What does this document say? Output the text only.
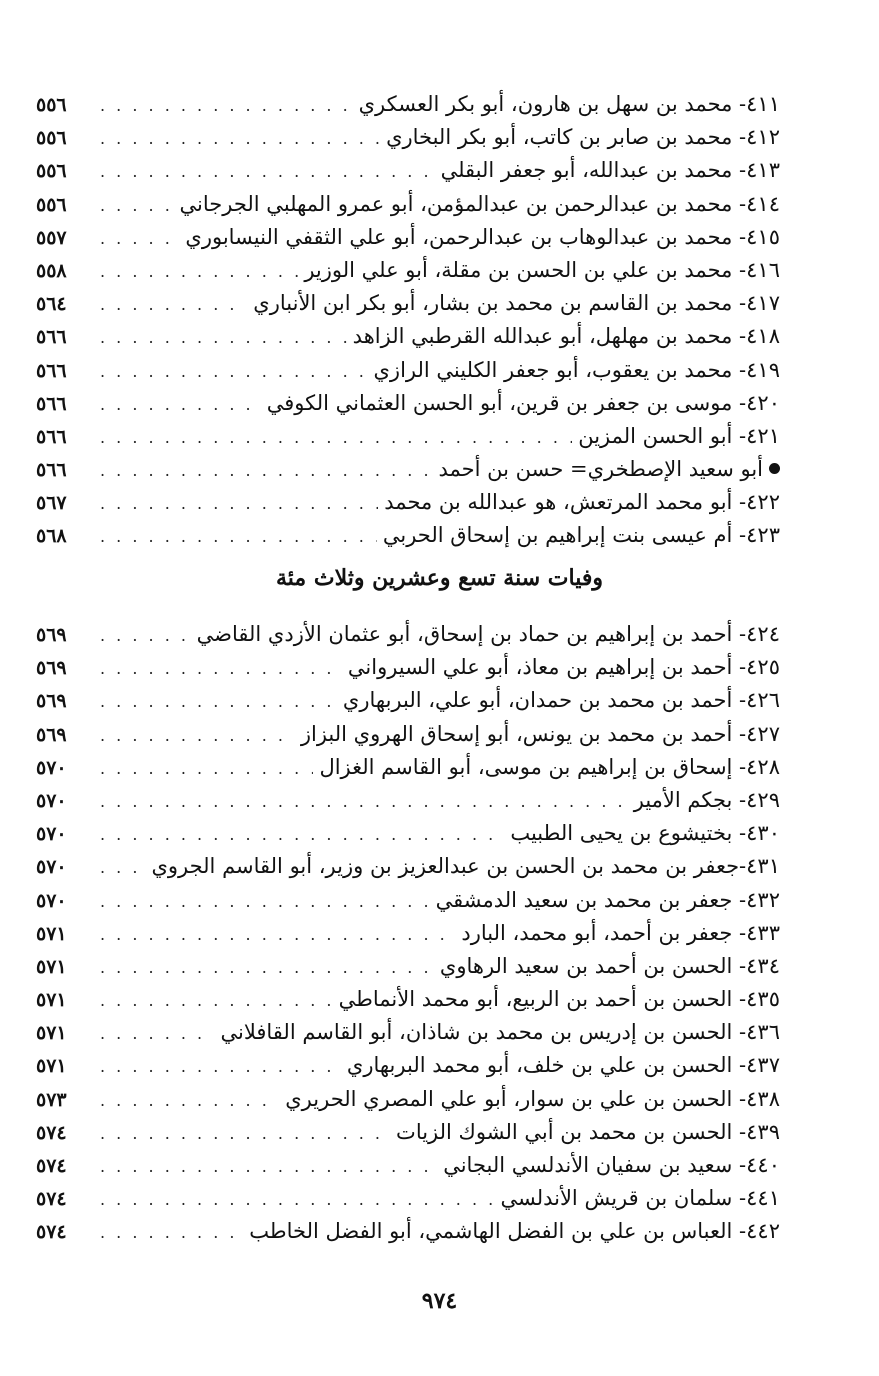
٤١١- محمد بن سهل بن هارون، أبو بكر العسكري
. . .
٥٥٦
٤١٢- محمد بن صابر بن كاتب، أبو بكر البخاري
. . .
٥٥٦
٤١٣- محمد بن عبدالله، أبو جعفر البقلي
. . .
٥٥٦
٤١٤- محمد بن عبدالرحمن بن عبدالمؤمن، أبو عمرو المهلبي الجرجاني
. . .
٥٥٦
٤١٥- محمد بن عبدالوهاب بن عبدالرحمن، أبو علي الثقفي النيسابوري
. . .
٥٥٧
٤١٦- محمد بن علي بن الحسن بن مقلة، أبو علي الوزير
. . .
٥٥٨
٤١٧- محمد بن القاسم بن محمد بن بشار، أبو بكر ابن الأنباري
. . .
٥٦٤
٤١٨- محمد بن مهلهل، أبو عبدالله القرطبي الزاهد
. . .
٥٦٦
٤١٩- محمد بن يعقوب، أبو جعفر الكليني الرازي
. . .
٥٦٦
٤٢٠- موسى بن جعفر بن قرين، أبو الحسن العثماني الكوفي
. . .
٥٦٦
٤٢١- أبو الحسن المزين
. . .
٥٦٦
أبو سعيد الإصطخري= حسن بن أحمد
. . .
٥٦٦
٤٢٢- أبو محمد المرتعش، هو عبدالله بن محمد
. . .
٥٦٧
٤٢٣- أم عيسى بنت إبراهيم بن إسحاق الحربي
. . .
٥٦٨
وفيات سنة تسع وعشرين وثلاث مئة
٤٢٤- أحمد بن إبراهيم بن حماد بن إسحاق، أبو عثمان الأزدي القاضي
. . .
٥٦٩
٤٢٥- أحمد بن إبراهيم بن معاذ، أبو علي السيرواني
. . .
٥٦٩
٤٢٦- أحمد بن محمد بن حمدان، أبو علي، البربهاري
. . .
٥٦٩
٤٢٧- أحمد بن محمد بن يونس، أبو إسحاق الهروي البزاز
. . .
٥٦٩
٤٢٨- إسحاق بن إبراهيم بن موسى، أبو القاسم الغزال
. . .
٥٧٠
٤٢٩- بجكم الأمير
. . .
٥٧٠
٤٣٠- بختيشوع بن يحيى الطبيب
. . .
٥٧٠
٤٣١-جعفر بن محمد بن الحسن بن عبدالعزيز بن وزير، أبو القاسم الجروي
. . .
٥٧٠
٤٣٢- جعفر بن محمد بن سعيد الدمشقي
. . .
٥٧٠
٤٣٣- جعفر بن أحمد، أبو محمد، البارد
. . .
٥٧١
٤٣٤- الحسن بن أحمد بن سعيد الرهاوي
. . .
٥٧١
٤٣٥- الحسن بن أحمد بن الربيع، أبو محمد الأنماطي
. . .
٥٧١
٤٣٦- الحسن بن إدريس بن محمد بن شاذان، أبو القاسم القافلاني
. . .
٥٧١
٤٣٧- الحسن بن علي بن خلف، أبو محمد البربهاري
. . .
٥٧١
٤٣٨- الحسن بن علي بن سوار، أبو علي المصري الحريري
. . .
٥٧٣
٤٣٩- الحسن بن محمد بن أبي الشوك الزيات
. . .
٥٧٤
٤٤٠- سعيد بن سفيان الأندلسي البجاني
. . .
٥٧٤
٤٤١- سلمان بن قريش الأندلسي
. . .
٥٧٤
٤٤٢- العباس بن علي بن الفضل الهاشمي، أبو الفضل الخاطب
. . .
٥٧٤
٩٧٤
